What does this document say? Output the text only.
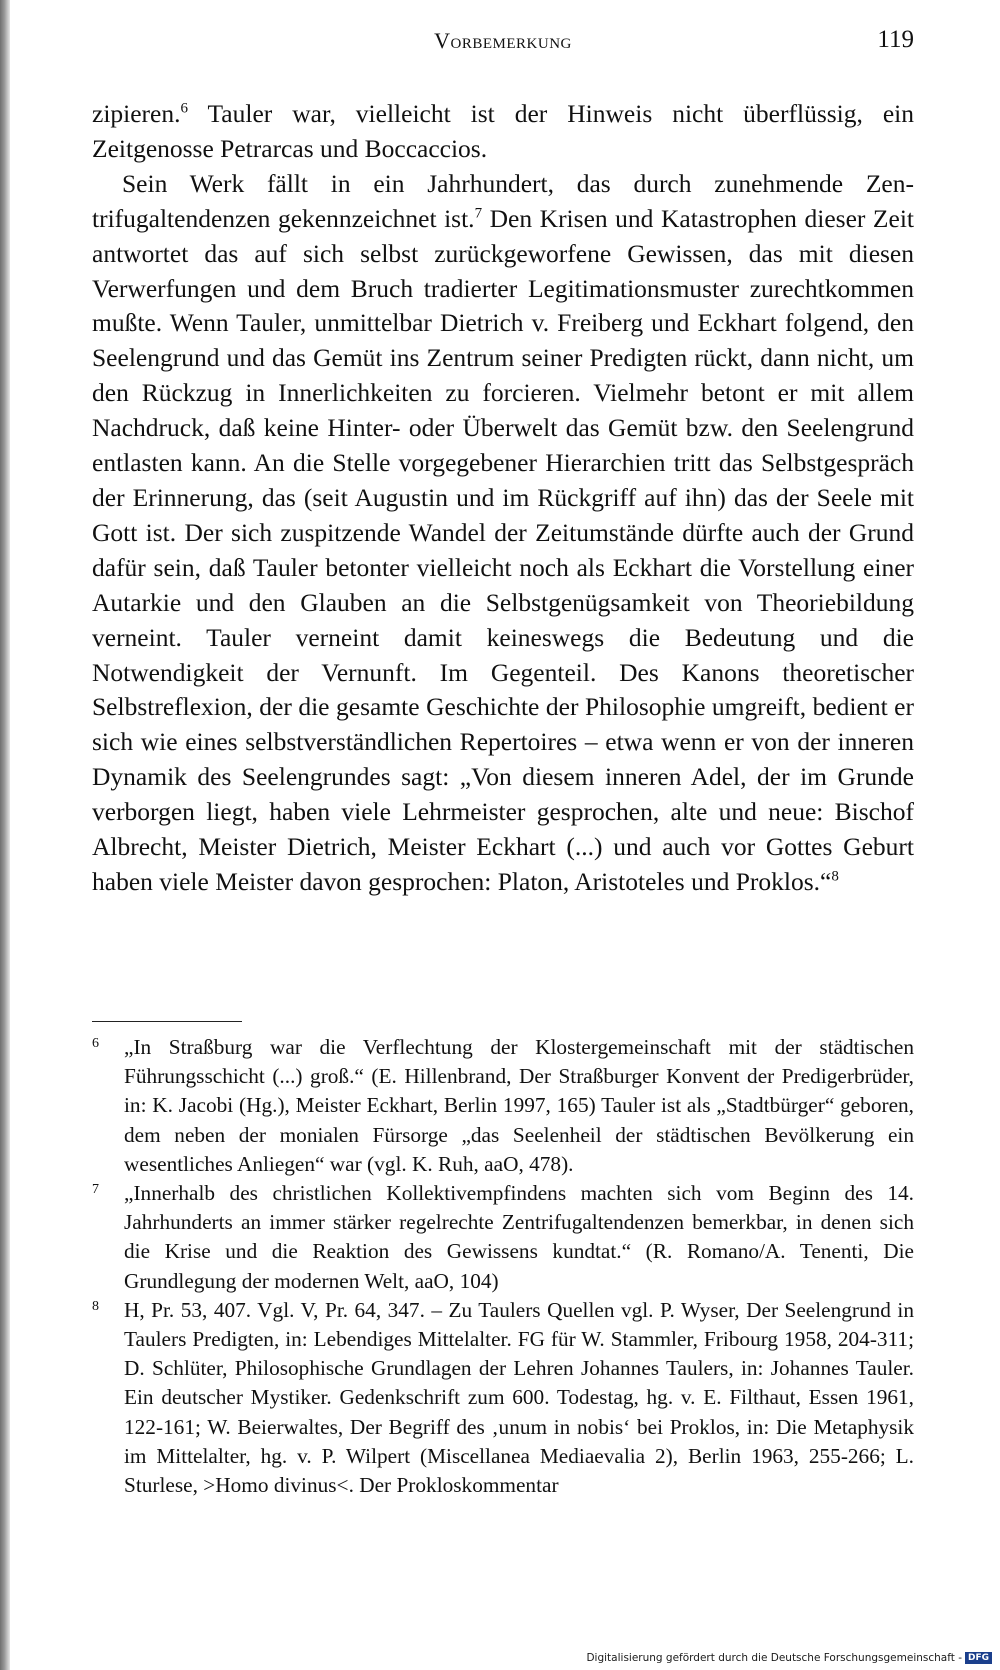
Vorbemerkung	119

zipieren.$^6$ Tauler war, vielleicht ist der Hinweis nicht überflüssig, ein Zeitgenosse Petrarcas und Boccaccios.

Sein Werk fällt in ein Jahrhundert, das durch zunehmende Zentrifugaltendenzen gekennzeichnet ist.$^7$ Den Krisen und Katastrophen dieser Zeit antwortet das auf sich selbst zurückgeworfene Gewissen, das mit diesen Verwerfungen und dem Bruch tradierter Legitimationsmuster zurechtkommen mußte. Wenn Tauler, unmittelbar Dietrich v. Freiberg und Eckhart folgend, den Seelengrund und das Gemüt ins Zentrum seiner Predigten rückt, dann nicht, um den Rückzug in Innerlichkeiten zu forcieren. Vielmehr betont er mit allem Nachdruck, daß keine Hinter- oder Überwelt das Gemüt bzw. den Seelengrund entlasten kann. An die Stelle vorgegebener Hierarchien tritt das Selbstgespräch der Erinnerung, das (seit Augustin und im Rückgriff auf ihn) das der Seele mit Gott ist. Der sich zuspitzende Wandel der Zeitumstände dürfte auch der Grund dafür sein, daß Tauler betonter vielleicht noch als Eckhart die Vorstellung einer Autarkie und den Glauben an die Selbstgenügsamkeit von Theoriebildung verneint. Tauler verneint damit keineswegs die Bedeutung und die Notwendigkeit der Vernunft. Im Gegenteil. Des Kanons theoretischer Selbstreflexion, der die gesamte Geschichte der Philosophie umgreift, bedient er sich wie eines selbstverständlichen Repertoires – etwa wenn er von der inneren Dynamik des Seelengrundes sagt: „Von diesem inneren Adel, der im Grunde verborgen liegt, haben viele Lehrmeister gesprochen, alte und neue: Bischof Albrecht, Meister Dietrich, Meister Eckhart (...) und auch vor Gottes Geburt haben viele Meister davon gesprochen: Platon, Aristoteles und Proklos.“$^8$

6 „In Straßburg war die Verflechtung der Klostergemeinschaft mit der städtischen Führungsschicht (...) groß.“ (E. Hillenbrand, Der Straßburger Konvent der Predigerbrüder, in: K. Jacobi (Hg.), Meister Eckhart, Berlin 1997, 165) Tauler ist als „Stadtbürger“ geboren, dem neben der monialen Fürsorge „das Seelenheil der städtischen Bevölkerung ein wesentliches Anliegen“ war (vgl. K. Ruh, aaO, 478).
7 „Innerhalb des christlichen Kollektivempfindens machten sich vom Beginn des 14. Jahrhunderts an immer stärker regelrechte Zentrifugaltendenzen bemerkbar, in denen sich die Krise und die Reaktion des Gewissens kundtat.“ (R. Romano/A. Tenenti, Die Grundlegung der modernen Welt, aaO, 104)
8 H, Pr. 53, 407. Vgl. V, Pr. 64, 347. – Zu Taulers Quellen vgl. P. Wyser, Der Seelengrund in Taulers Predigten, in: Lebendiges Mittelalter. FG für W. Stammler, Fribourg 1958, 204-311; D. Schlüter, Philosophische Grundlagen der Lehren Johannes Taulers, in: Johannes Tauler. Ein deutscher Mystiker. Gedenkschrift zum 600. Todestag, hg. v. E. Filthaut, Essen 1961, 122-161; W. Beierwaltes, Der Begriff des ‚unum in nobis‘ bei Proklos, in: Die Metaphysik im Mittelalter, hg. v. P. Wilpert (Miscellanea Mediaevalia 2), Berlin 1963, 255-266; L. Sturlese, >Homo divinus<. Der Prokloskommentar
Digitalisierung gefördert durch die Deutsche Forschungsgemeinschaft - DFG
